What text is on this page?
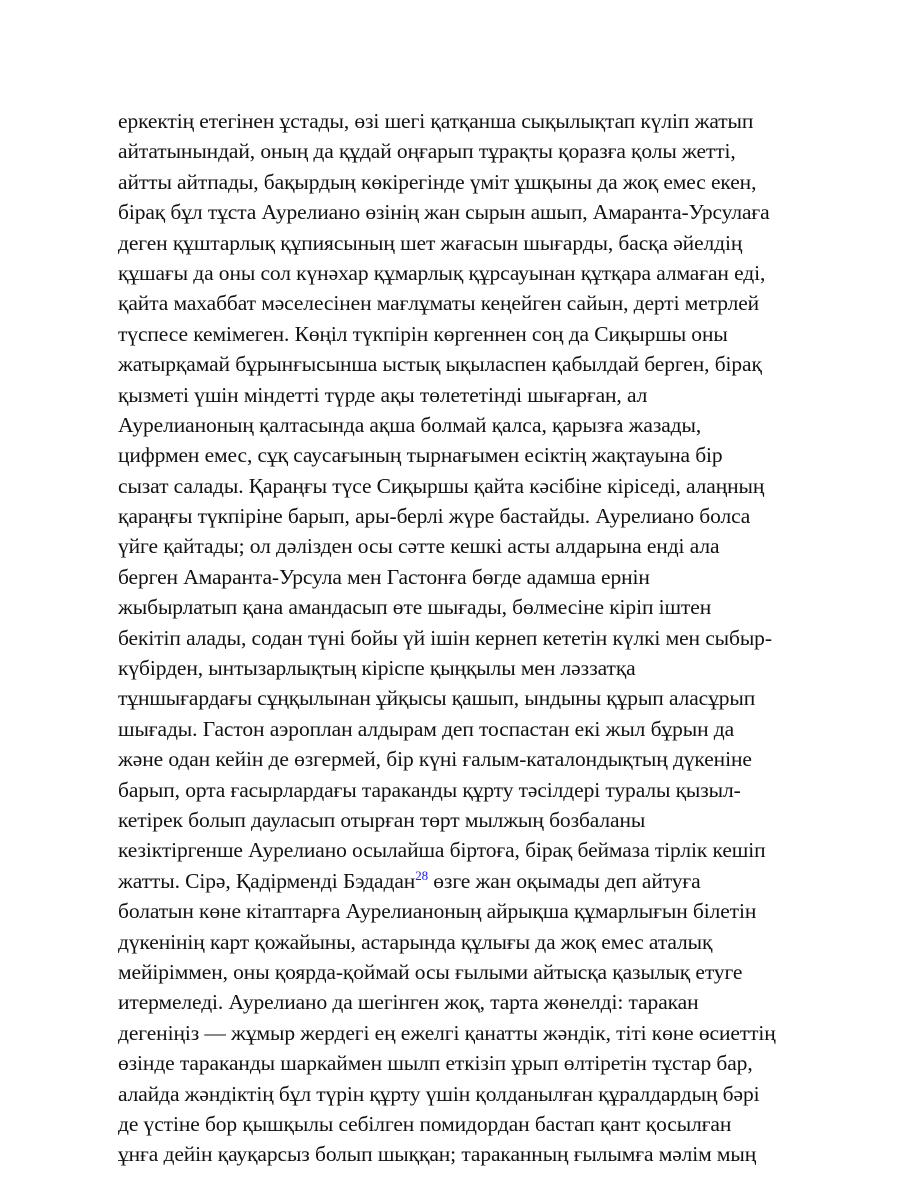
еркектің етегінен ұстады, өзі шегі қатқанша сықылықтап күліп жатып
айтатынындай, оның да құдай оңғарып тұрақты қоразға қолы жетті,
айтты айтпады, бақырдың көкірегінде үміт ұшқыны да жоқ емес екен,
бірақ бұл тұста Аурелиано өзінің жан сырын ашып, Амаранта-Урсулаға
деген құштарлық құпиясының шет жағасын шығарды, басқа әйелдің
құшағы да оны сол күнәхар құмарлық құрсауынан құтқара алмаған еді,
қайта махаббат мәселесінен мағлұматы кеңейген сайын, дерті метрлей
түспесе кемімеген. Көңіл түкпірін көргеннен соң да Сиқыршы оны
жатырқамай бұрынғысынша ыстық ықыласпен қабылдай берген, бірақ
қызметі үшін міндетті түрде ақы төлететінді шығарған, ал
Аурелианоның қалтасында ақша болмай қалса, қарызға жазады,
цифрмен емес, сұқ саусағының тырнағымен есіктің жақтауына бір
сызат салады. Қараңғы түсе Сиқыршы қайта кәсібіне кіріседі, алаңның
қараңғы түкпіріне барып, ары-берлі жүре бастайды. Аурелиано болса
үйге қайтады; ол дәлізден осы сәтте кешкі асты алдарына енді ала
берген Амаранта-Урсула мен Гастонға бөгде адамша ернін
жыбырлатып қана амандасып өте шығады, бөлмесіне кіріп іштен
бекітіп алады, содан түні бойы үй ішін кернеп кететін күлкі мен сыбыр-
күбірден, ынтызарлықтың кіріспе қыңқылы мен ләззатқа
тұншығардағы сұңқылынан ұйқысы қашып, ындыны құрып аласұрып
шығады. Гастон аэроплан алдырам деп тоспастан екі жыл бұрын да
және одан кейін де өзгермей, бір күні ғалым-каталондықтың дүкеніне
барып, орта ғасырлардағы тараканды құрту тәсілдері туралы қызыл-
кетірек болып дауласып отырған төрт мылжың бозбаланы
кезіктіргенше Аурелиано осылайша біртоға, бірақ беймаза тірлік кешіп
жатты. Сірә, Қадірменді Бэдадан$^{28}$ өзге жан оқымады деп айтуға
болатын көне кітаптарға Аурелианоның айрықша құмарлығын білетін
дүкенінің карт қожайыны, астарында құлығы да жоқ емес аталық
мейіріммен, оны қоярда-қоймай осы ғылыми айтысқа қазылық етуге
итермеледі. Аурелиано да шегінген жоқ, тарта жөнелді: таракан
дегеніңіз — жұмыр жердегі ең ежелгі қанатты жәндік, тіті көне өсиеттің
өзінде тараканды шаркаймен шылп еткізіп ұрып өлтіретін тұстар бар,
алайда жәндіктің бұл түрін құрту үшін қолданылған құралдардың бәрі
де үстіне бор қышқылы себілген помидордан бастап қант қосылған
ұнға дейін қауқарсыз болып шыққан; тараканның ғылымға мәлім мың
